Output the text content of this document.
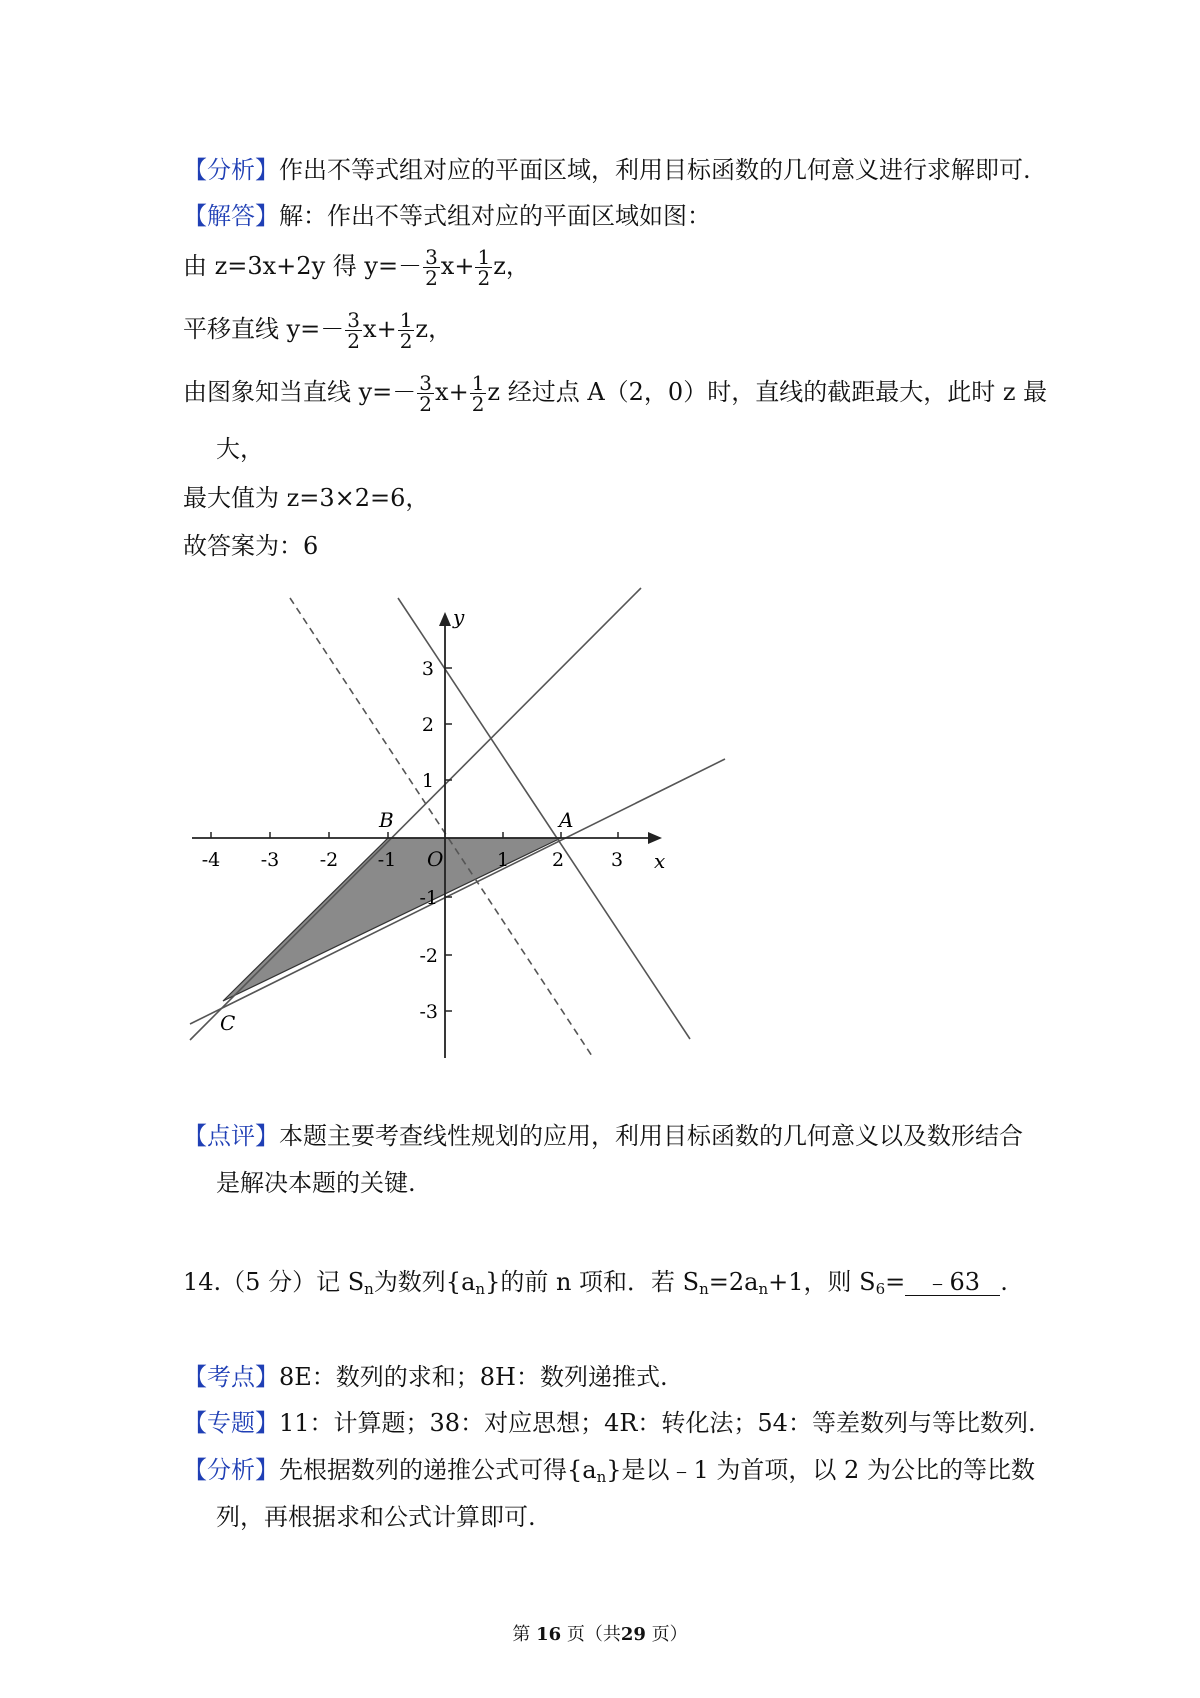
【分析】作出不等式组对应的平面区域，利用目标函数的几何意义进行求解即可.
【解答】解：作出不等式组对应的平面区域如图：
由 z=3x+2y 得 $y=- \frac{3}{2} x+ \frac{1}{2}$ z，
平移直线 $y=- \frac{3}{2} x+ \frac{1}{2}$ z，
由图象知当直线 $y=- \frac{3}{2} x+ \frac{1}{2}$ z 经过点 A（2，0）时，直线的截距最大，此时 z 最
大，
最大值为 z=3×2=6，
故答案为：6
-4 -3 -2 -1	1 2 3
3
2
1
-1
-2
-3
x
y
O
A
B
C
【点评】本题主要考查线性规划的应用，利用目标函数的几何意义以及数形结合
是解决本题的关键.
14.（5 分）记 $S_n$为数列$\{a_n\}$的前 n 项和．若 $S_n=2a_n+1$，则 $S_6=$ ﹣63 .
【考点】8E：数列的求和；8H：数列递推式.
【专题】11：计算题；38：对应思想；4R：转化法；54：等差数列与等比数列.
【分析】先根据数列的递推公式可得$\{a_n\}$是以﹣1 为首项，以 2 为公比的等比数
列，再根据求和公式计算即可.
第 16 页（共29 页）
